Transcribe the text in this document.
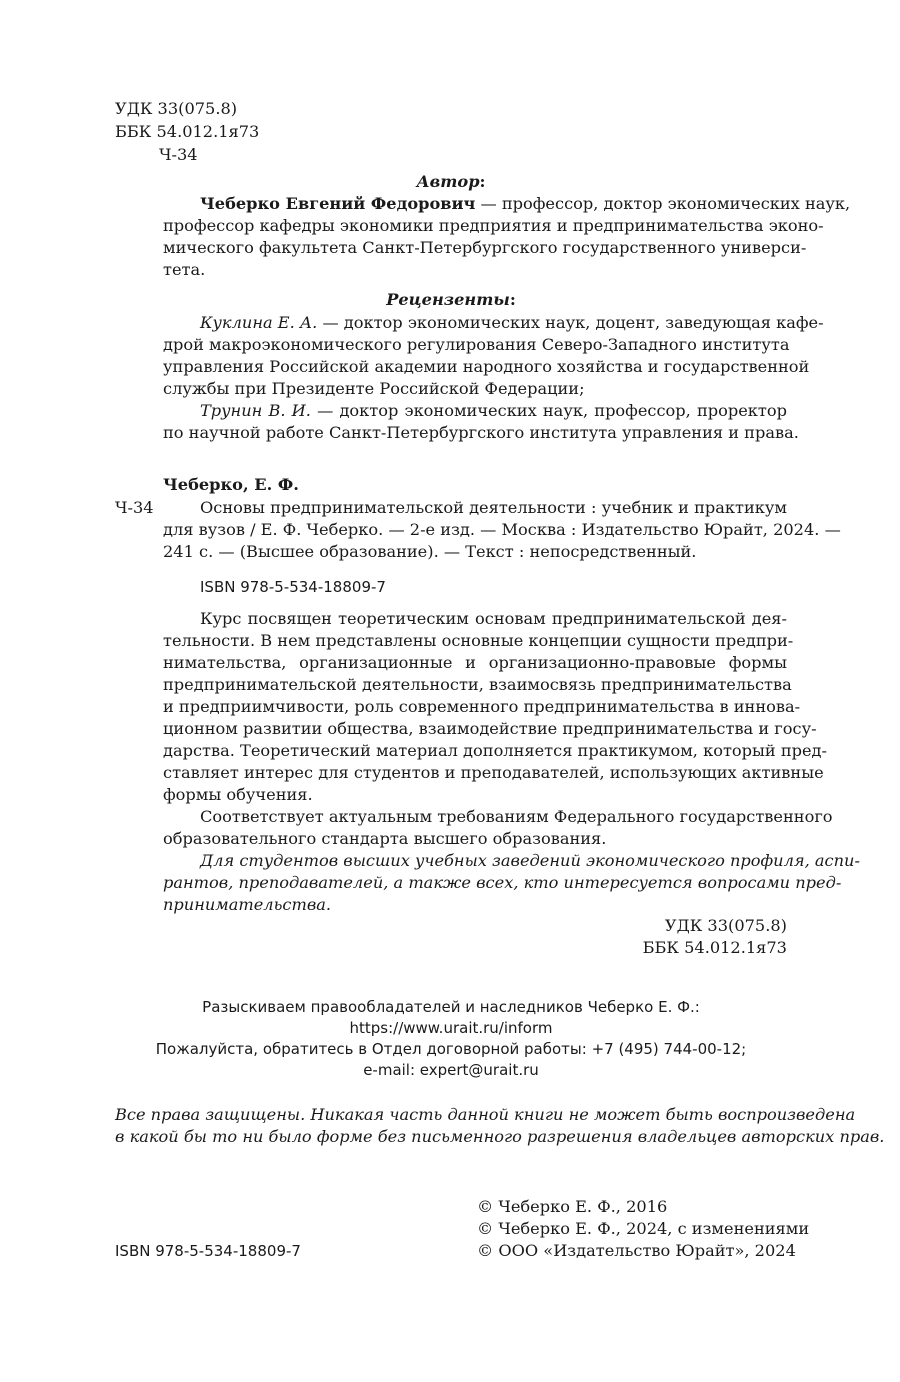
УДК 33(075.8)
ББК 54.012.1я73
Ч-34
Автор:
Чеберко Евгений Федорович — профессор, доктор экономических наук,
профессор кафедры экономики предприятия и предпринимательства эконо-
мического факультета Санкт-Петербургского государственного универси-
тета.
Рецензенты:
Куклина Е. А. — доктор экономических наук, доцент, заведующая кафе-
дрой макроэкономического регулирования Северо-Западного института
управления Российской академии народного хозяйства и государственной
службы при Президенте Российской Федерации;
Трунин В. И. — доктор экономических наук, профессор, проректор
по научной работе Санкт-Петербургского института управления и права.
Чеберко, Е. Ф.
Ч-34	Основы предпринимательской деятельности : учебник и практикум
для вузов / Е. Ф. Чеберко. — 2-е изд. — Москва : Издательство Юрайт, 2024. —
241 с. — (Высшее образование). — Текст : непосредственный.
ISBN 978-5-534-18809-7
Курс посвящен теоретическим основам предпринимательской дея-
тельности. В нем представлены основные концепции сущности предпри-
нимательства, организационные и организационно-правовые формы
предпринимательской деятельности, взаимосвязь предпринимательства
и предприимчивости, роль современного предпринимательства в иннова-
ционном развитии общества, взаимодействие предпринимательства и госу-
дарства. Теоретический материал дополняется практикумом, который пред-
ставляет интерес для студентов и преподавателей, использующих активные
формы обучения.
Соответствует актуальным требованиям Федерального государственного
образовательного стандарта высшего образования.
Для студентов высших учебных заведений экономического профиля, аспи-
рантов, преподавателей, а также всех, кто интересуется вопросами пред-
принимательства.
УДК 33(075.8)
ББК 54.012.1я73
Разыскиваем правообладателей и наследников Чеберко Е. Ф.: https://www.urait.ru/inform
Пожалуйста, обратитесь в Отдел договорной работы: +7 (495) 744-00-12;
e-mail: expert@urait.ru
Все права защищены. Никакая часть данной книги не может быть воспроизведена
в какой бы то ни было форме без письменного разрешения владельцев авторских прав.
ISBN 978-5-534-18809-7
© Чеберко Е. Ф., 2016
© Чеберко Е. Ф., 2024, с изменениями
© ООО «Издательство Юрайт», 2024
